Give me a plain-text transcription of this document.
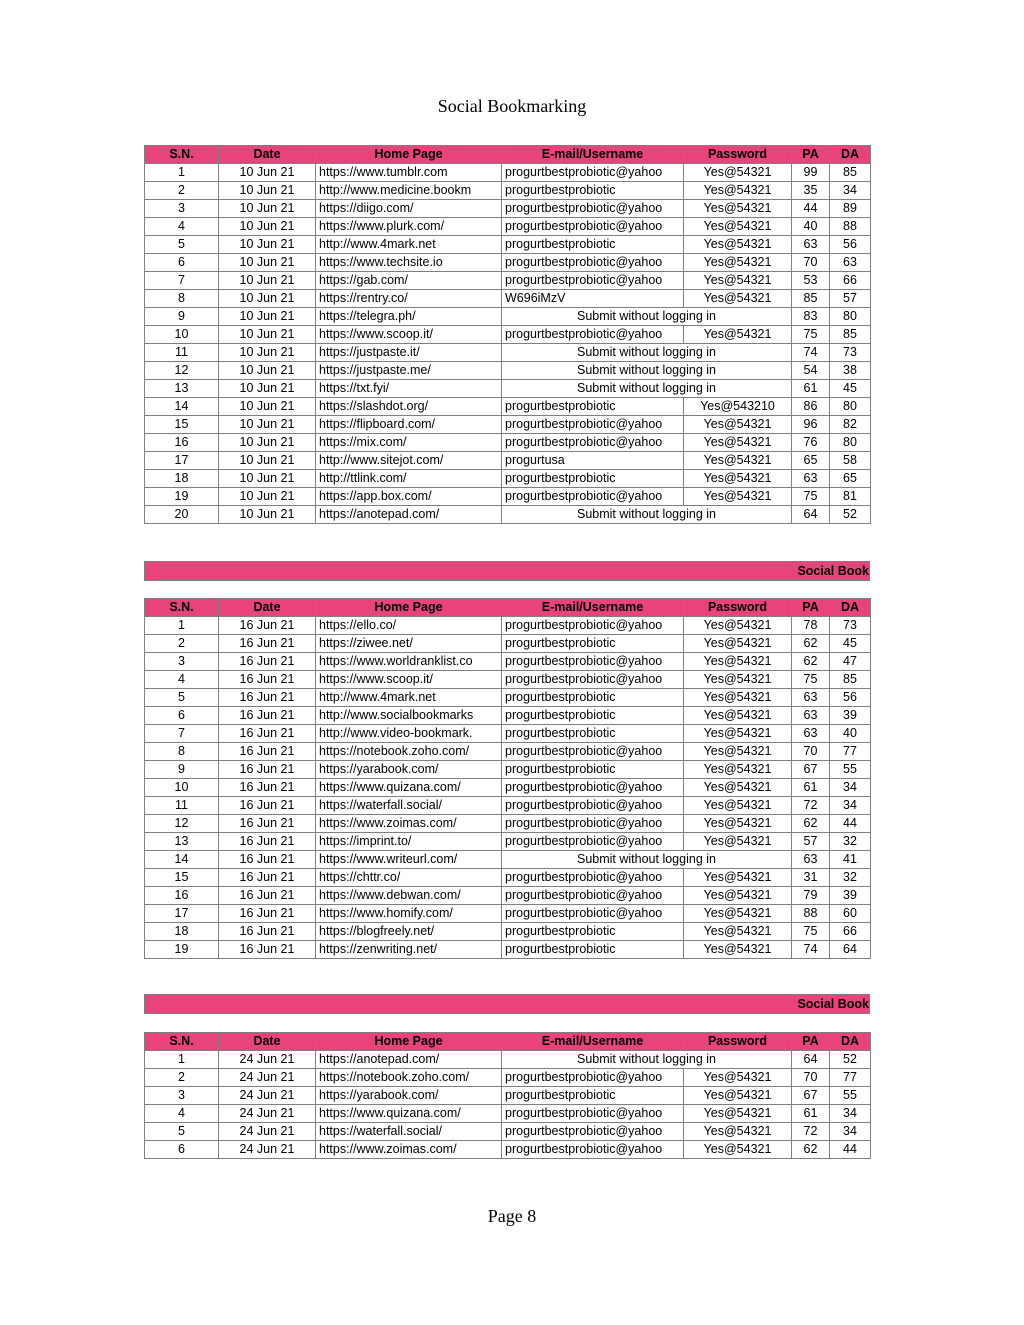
Social Bookmarking
S.N.	Date	Home Page	E-mail/Username	Password	PA	DA
1	10 Jun 21	https://www.tumblr.com	progurtbestprobiotic@yahoo	Yes@54321	99	85
2	10 Jun 21	http://www.medicine.bookm	progurtbestprobiotic	Yes@54321	35	34
3	10 Jun 21	https://diigo.com/	progurtbestprobiotic@yahoo	Yes@54321	44	89
4	10 Jun 21	https://www.plurk.com/	progurtbestprobiotic@yahoo	Yes@54321	40	88
5	10 Jun 21	http://www.4mark.net	progurtbestprobiotic	Yes@54321	63	56
6	10 Jun 21	https://www.techsite.io	progurtbestprobiotic@yahoo	Yes@54321	70	63
7	10 Jun 21	https://gab.com/	progurtbestprobiotic@yahoo	Yes@54321	53	66
8	10 Jun 21	https://rentry.co/	W696iMzV	Yes@54321	85	57
9	10 Jun 21	https://telegra.ph/	Submit without logging in		83	80
10	10 Jun 21	https://www.scoop.it/	progurtbestprobiotic@yahoo	Yes@54321	75	85
11	10 Jun 21	https://justpaste.it/	Submit without logging in		74	73
12	10 Jun 21	https://justpaste.me/	Submit without logging in		54	38
13	10 Jun 21	https://txt.fyi/	Submit without logging in		61	45
14	10 Jun 21	https://slashdot.org/	progurtbestprobiotic	Yes@543210	86	80
15	10 Jun 21	https://flipboard.com/	progurtbestprobiotic@yahoo	Yes@54321	96	82
16	10 Jun 21	https://mix.com/	progurtbestprobiotic@yahoo	Yes@54321	76	80
17	10 Jun 21	http://www.sitejot.com/	progurtusa	Yes@54321	65	58
18	10 Jun 21	http://ttlink.com/	progurtbestprobiotic	Yes@54321	63	65
19	10 Jun 21	https://app.box.com/	progurtbestprobiotic@yahoo	Yes@54321	75	81
20	10 Jun 21	https://anotepad.com/	Submit without logging in		64	52
Social Book
S.N.	Date	Home Page	E-mail/Username	Password	PA	DA
1	16 Jun 21	https://ello.co/	progurtbestprobiotic@yahoo	Yes@54321	78	73
2	16 Jun 21	https://ziwee.net/	progurtbestprobiotic	Yes@54321	62	45
3	16 Jun 21	https://www.worldranklist.co	progurtbestprobiotic@yahoo	Yes@54321	62	47
4	16 Jun 21	https://www.scoop.it/	progurtbestprobiotic@yahoo	Yes@54321	75	85
5	16 Jun 21	http://www.4mark.net	progurtbestprobiotic	Yes@54321	63	56
6	16 Jun 21	http://www.socialbookmarks	progurtbestprobiotic	Yes@54321	63	39
7	16 Jun 21	http://www.video-bookmark.	progurtbestprobiotic	Yes@54321	63	40
8	16 Jun 21	https://notebook.zoho.com/	progurtbestprobiotic@yahoo	Yes@54321	70	77
9	16 Jun 21	https://yarabook.com/	progurtbestprobiotic	Yes@54321	67	55
10	16 Jun 21	https://www.quizana.com/	progurtbestprobiotic@yahoo	Yes@54321	61	34
11	16 Jun 21	https://waterfall.social/	progurtbestprobiotic@yahoo	Yes@54321	72	34
12	16 Jun 21	https://www.zoimas.com/	progurtbestprobiotic@yahoo	Yes@54321	62	44
13	16 Jun 21	https://imprint.to/	progurtbestprobiotic@yahoo	Yes@54321	57	32
14	16 Jun 21	https://www.writeurl.com/	Submit without logging in		63	41
15	16 Jun 21	https://chttr.co/	progurtbestprobiotic@yahoo	Yes@54321	31	32
16	16 Jun 21	https://www.debwan.com/	progurtbestprobiotic@yahoo	Yes@54321	79	39
17	16 Jun 21	https://www.homify.com/	progurtbestprobiotic@yahoo	Yes@54321	88	60
18	16 Jun 21	https://blogfreely.net/	progurtbestprobiotic	Yes@54321	75	66
19	16 Jun 21	https://zenwriting.net/	progurtbestprobiotic	Yes@54321	74	64
Social Book
S.N.	Date	Home Page	E-mail/Username	Password	PA	DA
1	24 Jun 21	https://anotepad.com/	Submit without logging in		64	52
2	24 Jun 21	https://notebook.zoho.com/	progurtbestprobiotic@yahoo	Yes@54321	70	77
3	24 Jun 21	https://yarabook.com/	progurtbestprobiotic	Yes@54321	67	55
4	24 Jun 21	https://www.quizana.com/	progurtbestprobiotic@yahoo	Yes@54321	61	34
5	24 Jun 21	https://waterfall.social/	progurtbestprobiotic@yahoo	Yes@54321	72	34
6	24 Jun 21	https://www.zoimas.com/	progurtbestprobiotic@yahoo	Yes@54321	62	44
Page 8
